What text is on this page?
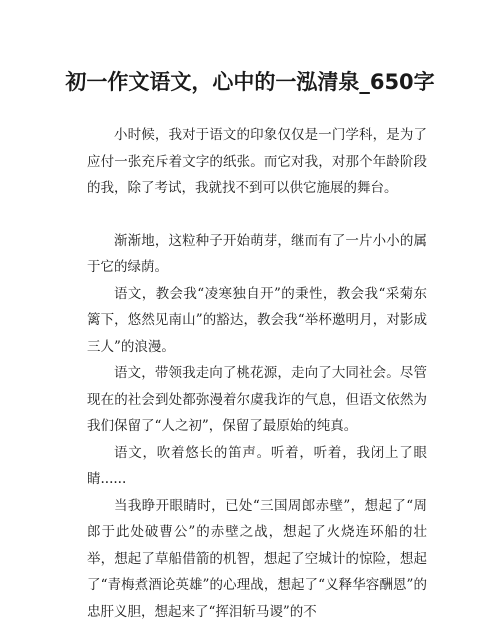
初一作文语文，心中的一泓清泉_650字

小时候，我对于语文的印象仅仅是一门学科，是为了应付一张充斥着文字的纸张。而它对我，对那个年龄阶段的我，除了考试，我就找不到可以供它施展的舞台。

渐渐地，这粒种子开始萌芽，继而有了一片小小的属于它的绿荫。

语文，教会我“凌寒独自开”的秉性，教会我“采菊东篱下，悠然见南山”的豁达，教会我“举杯邀明月，对影成三人”的浪漫。

语文，带领我走向了桃花源，走向了大同社会。尽管现在的社会到处都弥漫着尔虞我诈的气息，但语文依然为我们保留了“人之初”，保留了最原始的纯真。

语文，吹着悠长的笛声。听着，听着，我闭上了眼睛......

当我睁开眼睛时，已处“三国周郎赤壁”，想起了“周郎于此处破曹公”的赤壁之战，想起了火烧连环船的壮举，想起了草船借箭的机智，想起了空城计的惊险，想起了“青梅煮酒论英雄”的心理战，想起了“义释华容酬恩”的忠肝义胆，想起来了“挥泪斩马谡”的不
